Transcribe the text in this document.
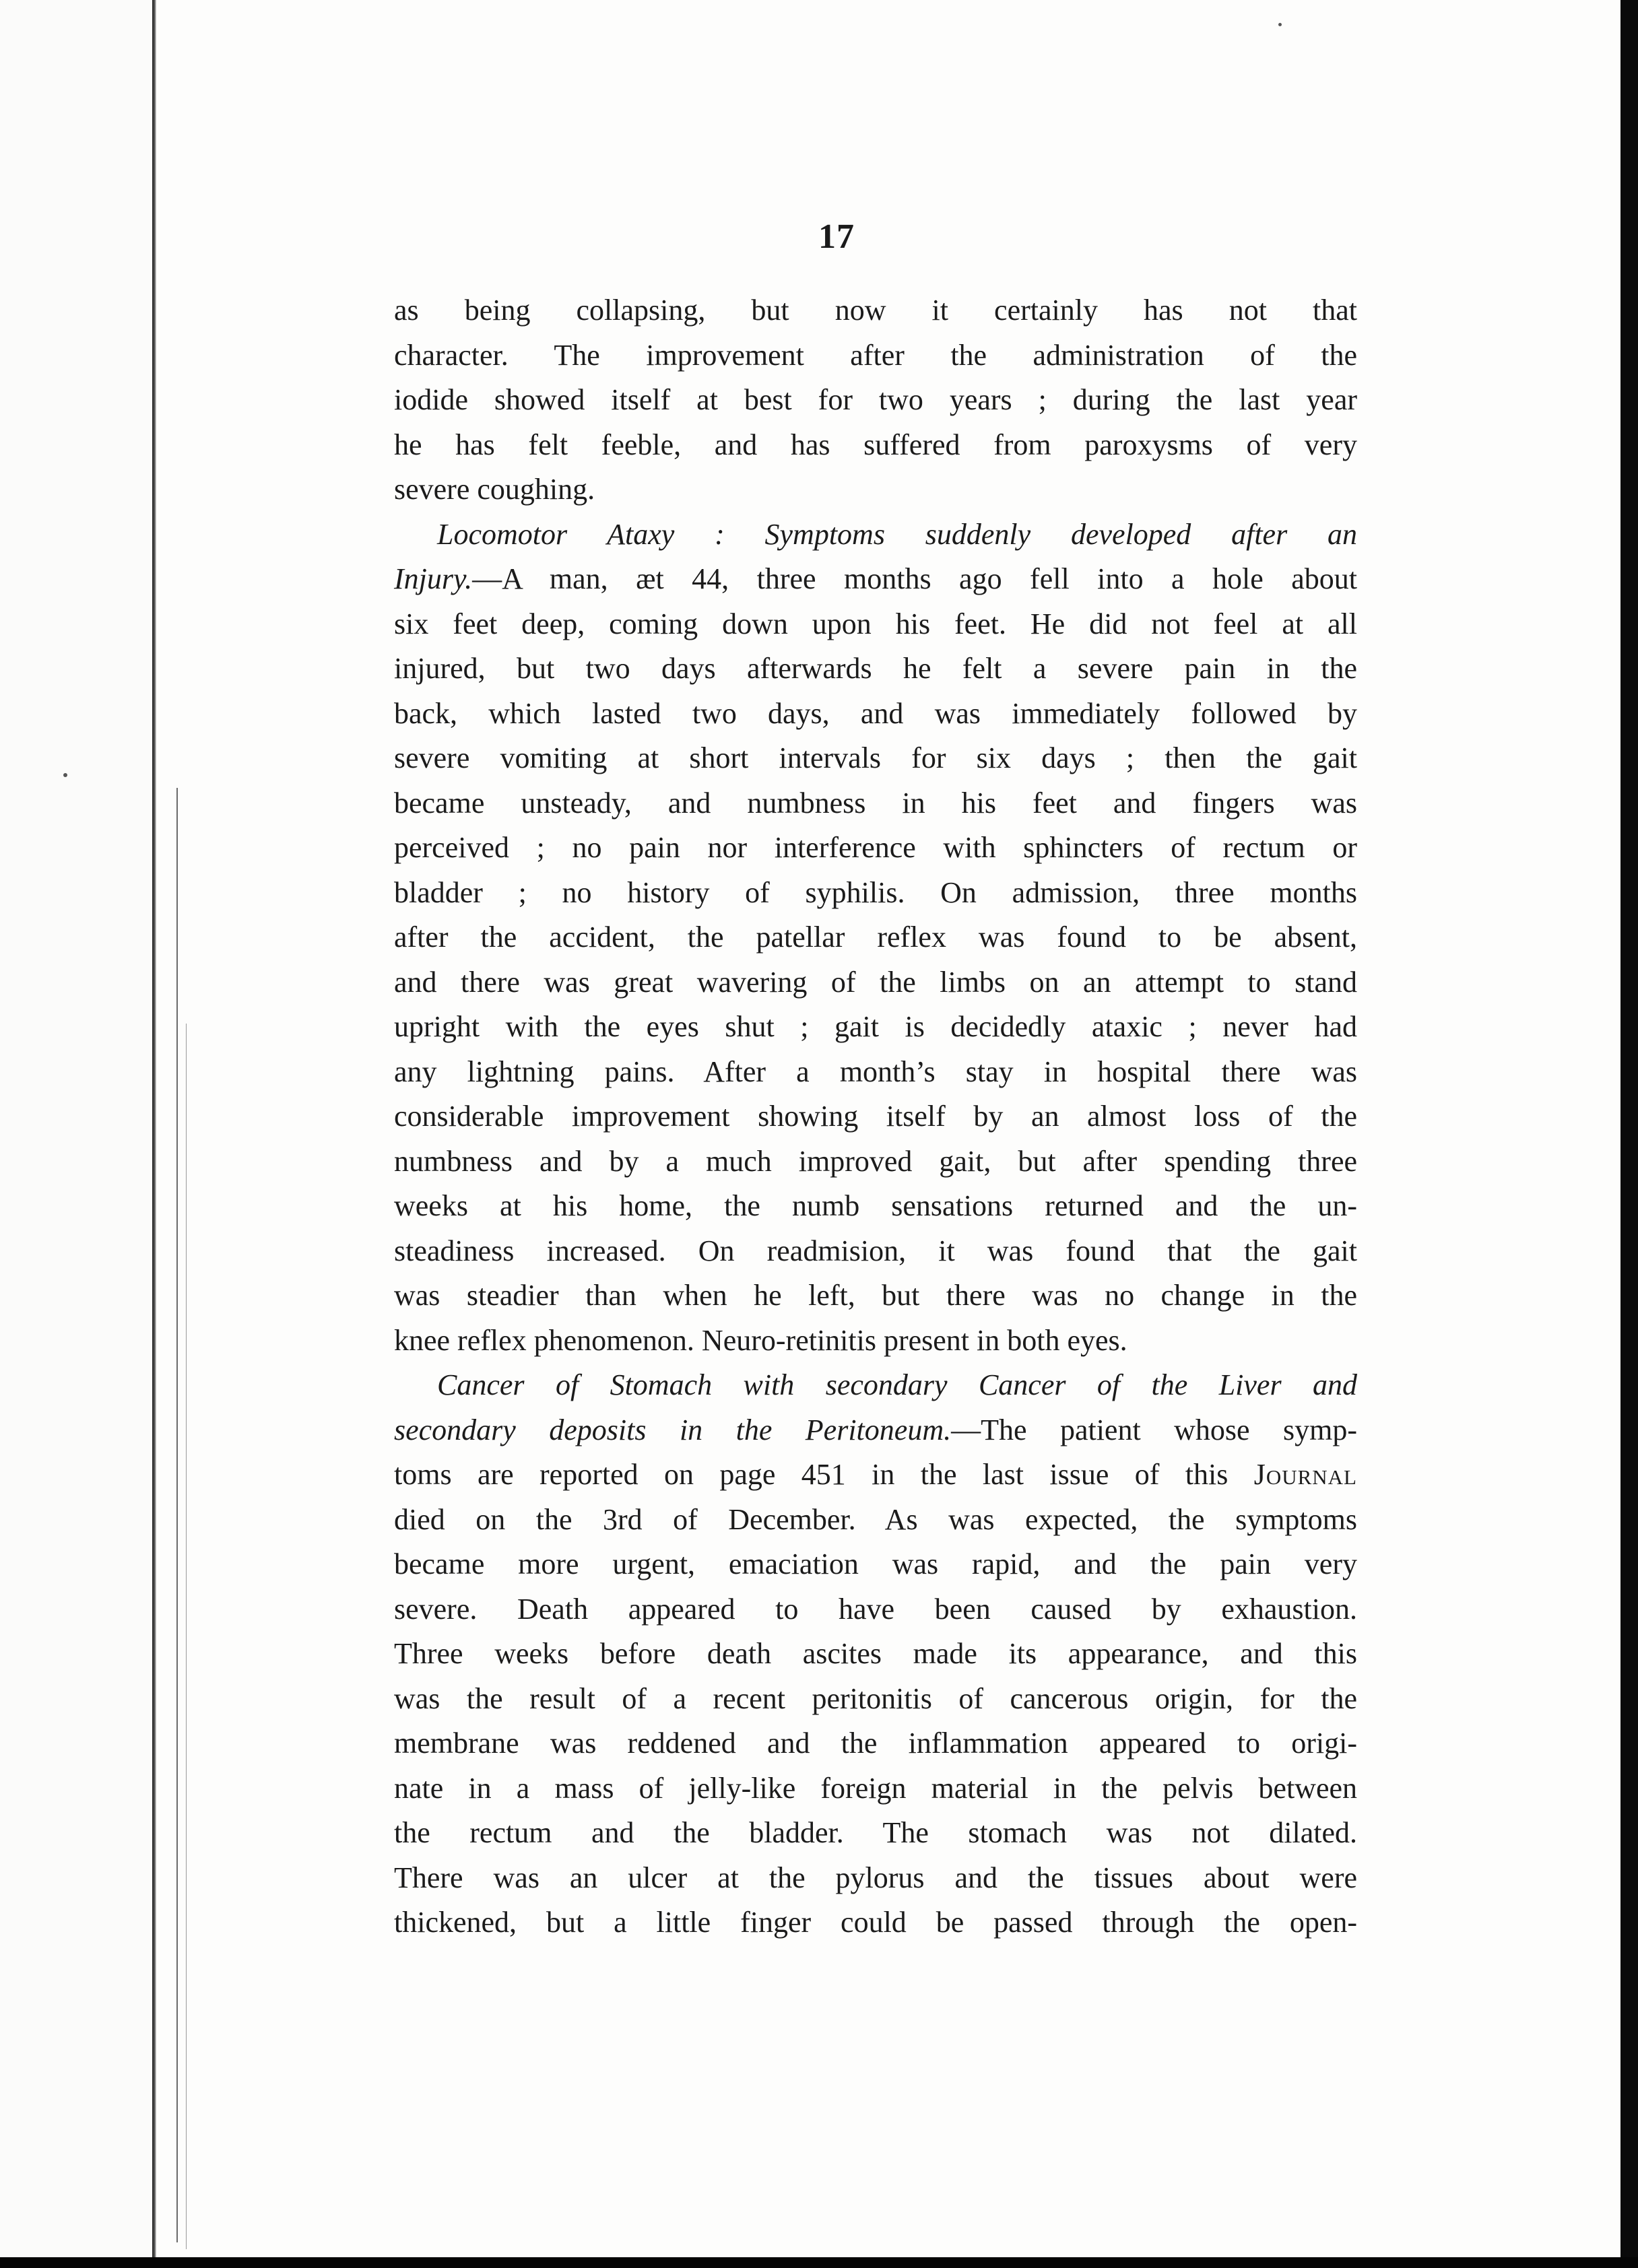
17

as being collapsing, but now it certainly has not that
character. The improvement after the administration of the
iodide showed itself at best for two years ; during the last year
he has felt feeble, and has suffered from paroxysms of very
severe coughing.

Locomotor Ataxy : Symptoms suddenly developed after an
Injury.—A man, æt 44, three months ago fell into a hole about
six feet deep, coming down upon his feet. He did not feel at all
injured, but two days afterwards he felt a severe pain in the
back, which lasted two days, and was immediately followed by
severe vomiting at short intervals for six days ; then the gait
became unsteady, and numbness in his feet and fingers was
perceived ; no pain nor interference with sphincters of rectum or
bladder ; no history of syphilis. On admission, three months
after the accident, the patellar reflex was found to be absent,
and there was great wavering of the limbs on an attempt to stand
upright with the eyes shut ; gait is decidedly ataxic ; never had
any lightning pains. After a month’s stay in hospital there was
considerable improvement showing itself by an almost loss of the
numbness and by a much improved gait, but after spending three
weeks at his home, the numb sensations returned and the un-
steadiness increased. On readmision, it was found that the gait
was steadier than when he left, but there was no change in the
knee reflex phenomenon. Neuro-retinitis present in both eyes.

Cancer of Stomach with secondary Cancer of the Liver and
secondary deposits in the Peritoneum.—The patient whose symp-
toms are reported on page 451 in the last issue of this Journal
died on the 3rd of December. As was expected, the symptoms
became more urgent, emaciation was rapid, and the pain very
severe. Death appeared to have been caused by exhaustion.
Three weeks before death ascites made its appearance, and this
was the result of a recent peritonitis of cancerous origin, for the
membrane was reddened and the inflammation appeared to origi-
nate in a mass of jelly-like foreign material in the pelvis between
the rectum and the bladder. The stomach was not dilated.
There was an ulcer at the pylorus and the tissues about were
thickened, but a little finger could be passed through the open-
